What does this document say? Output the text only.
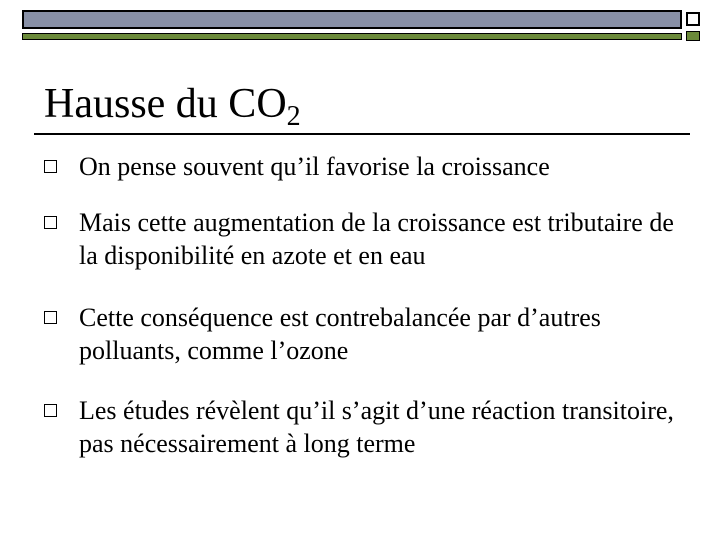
Hausse du $CO_2$
On pense souvent qu’il favorise la croissance
Mais cette augmentation de la croissance est tributaire de la disponibilité en azote et en eau
Cette conséquence est contrebalancée par d’autres polluants, comme l’ozone
Les études révèlent qu’il s’agit d’une réaction transitoire, pas nécessairement à long terme
